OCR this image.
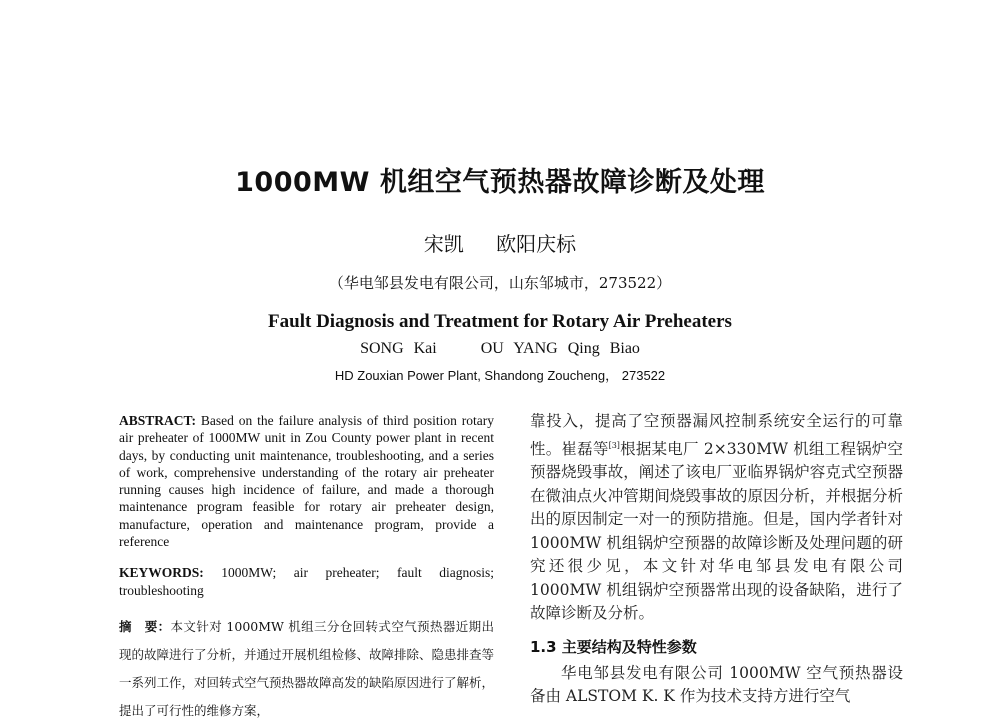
1000MW 机组空气预热器故障诊断及处理
宋凯 欧阳庆标
（华电邹县发电有限公司，山东邹城市，273522）
Fault Diagnosis and Treatment for Rotary Air Preheaters
SONG Kai	OU YANG Qing Biao
HD Zouxian Power Plant, Shandong Zoucheng， 273522

ABSTRACT: Based on the failure analysis of third position rotary air preheater of 1000MW unit in Zou County power plant in recent days, by conducting unit maintenance, troubleshooting, and a series of work, comprehensive understanding of the rotary air preheater running causes high incidence of failure, and made a thorough maintenance program feasible for rotary air preheater design, manufacture, operation and maintenance program, provide a reference

KEYWORDS: 1000MW; air preheater; fault diagnosis; troubleshooting

摘　要：本文针对 1000MW 机组三分仓回转式空气预热器近期出现的故障进行了分析，并通过开展机组检修、故障排除、隐患排查等一系列工作，对回转式空气预热器故障高发的缺陷原因进行了解析，提出了可行性的维修方案，

靠投入，提高了空预器漏风控制系统安全运行的可靠性。崔磊等[3]根据某电厂 2×330MW 机组工程锅炉空预器烧毁事故，阐述了该电厂亚临界锅炉容克式空预器在微油点火冲管期间烧毁事故的原因分析，并根据分析出的原因制定一对一的预防措施。但是，国内学者针对 1000MW 机组锅炉空预器的故障诊断及处理问题的研究还很少见，本文针对华电邹县发电有限公司 1000MW 机组锅炉空预器常出现的设备缺陷，进行了故障诊断及分析。

1.3 主要结构及特性参数
华电邹县发电有限公司 1000MW 空气预热器设备由 ALSTOM K. K 作为技术支持方进行空气
